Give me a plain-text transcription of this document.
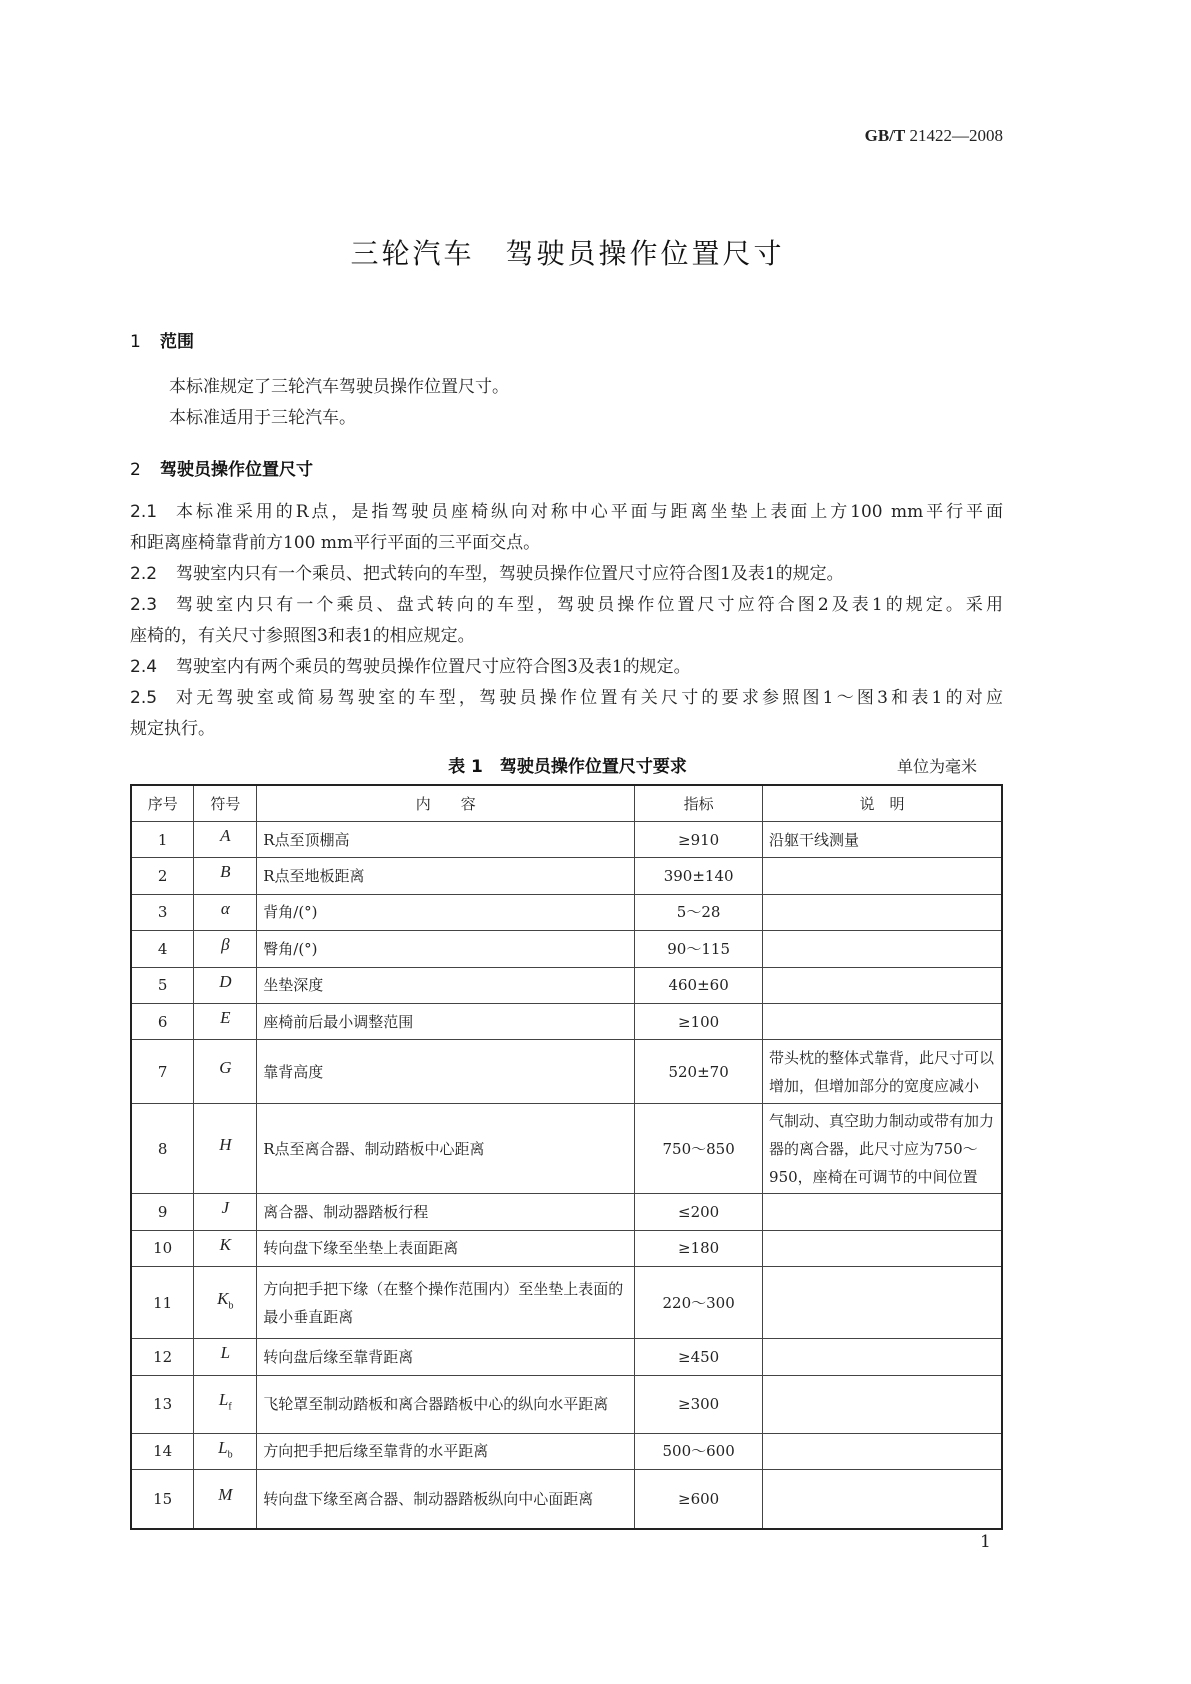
GB/T 21422—2008
三轮汽车　驾驶员操作位置尺寸
1 范围
本标准规定了三轮汽车驾驶员操作位置尺寸。
本标准适用于三轮汽车。
2 驾驶员操作位置尺寸
2.1	本标准采用的R点，是指驾驶员座椅纵向对称中心平面与距离坐垫上表面上方100 mm平行平面
和距离座椅靠背前方100 mm平行平面的三平面交点。
2.2 驾驶室内只有一个乘员、把式转向的车型，驾驶员操作位置尺寸应符合图1及表1的规定。
2.3	驾驶室内只有一个乘员、盘式转向的车型，驾驶员操作位置尺寸应符合图2及表1的规定。采用
座椅的，有关尺寸参照图3和表1的相应规定。
2.4 驾驶室内有两个乘员的驾驶员操作位置尺寸应符合图3及表1的规定。
2.5	对无驾驶室或简易驾驶室的车型，驾驶员操作位置有关尺寸的要求参照图1～图3和表1的对应
规定执行。
表 1　驾驶员操作位置尺寸要求	单位为毫米
序号	符号	内　　容	指标	说　明
1	A	R点至顶棚高	≥910	沿躯干线测量
2	B	R点至地板距离	390±140	
3	α	背角/(°)	5～28	
4	β	臀角/(°)	90～115	
5	D	坐垫深度	460±60	
6	E	座椅前后最小调整范围	≥100	
7	G	靠背高度	520±70	带头枕的整体式靠背，此尺寸可以增加，但增加部分的宽度应减小
8	H	R点至离合器、制动踏板中心距离	750～850	气制动、真空助力制动或带有加力器的离合器，此尺寸应为750～950，座椅在可调节的中间位置
9	J	离合器、制动器踏板行程	≤200	
10	K	转向盘下缘至坐垫上表面距离	≥180	
11	$K_b$	方向把手把下缘（在整个操作范围内）至坐垫上表面的最小垂直距离	220～300	
12	L	转向盘后缘至靠背距离	≥450	
13	$L_f$	飞轮罩至制动踏板和离合器踏板中心的纵向水平距离	≥300	
14	$L_b$	方向把手把后缘至靠背的水平距离	500～600	
15	M	转向盘下缘至离合器、制动器踏板纵向中心面距离	≥600	
1
